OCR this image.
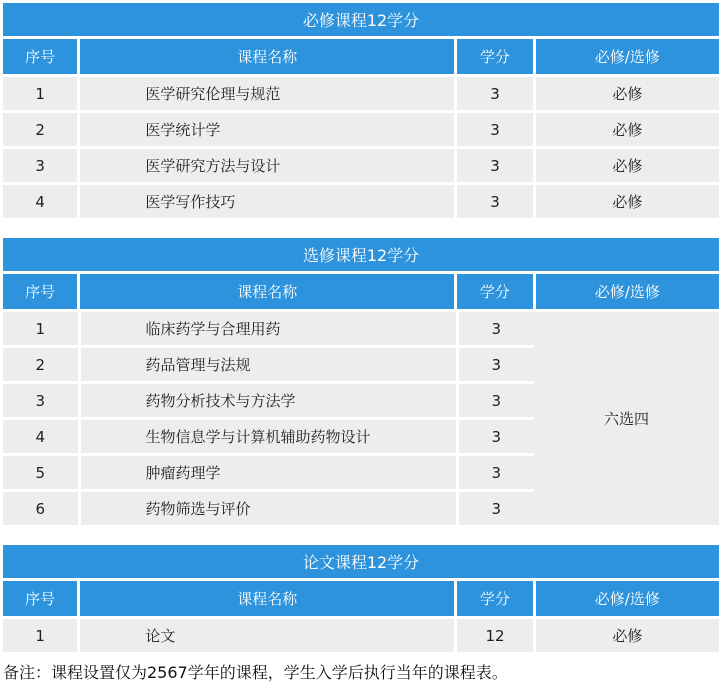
必修课程12学分
序号	课程名称	学分	必修/选修
1	医学研究伦理与规范	3	必修
2	医学统计学	3	必修
3	医学研究方法与设计	3	必修
4	医学写作技巧	3	必修
选修课程12学分
序号	课程名称	学分	必修/选修
1	临床药学与合理用药	3
2	药品管理与法规	3
3	药物分析技术与方法学	3
4	生物信息学与计算机辅助药物设计	3
5	肿瘤药理学	3
6	药物筛选与评价	3
六选四
论文课程12学分
序号	课程名称	学分	必修/选修
1	论文	12	必修
备注：课程设置仅为2567学年的课程，学生入学后执行当年的课程表。
